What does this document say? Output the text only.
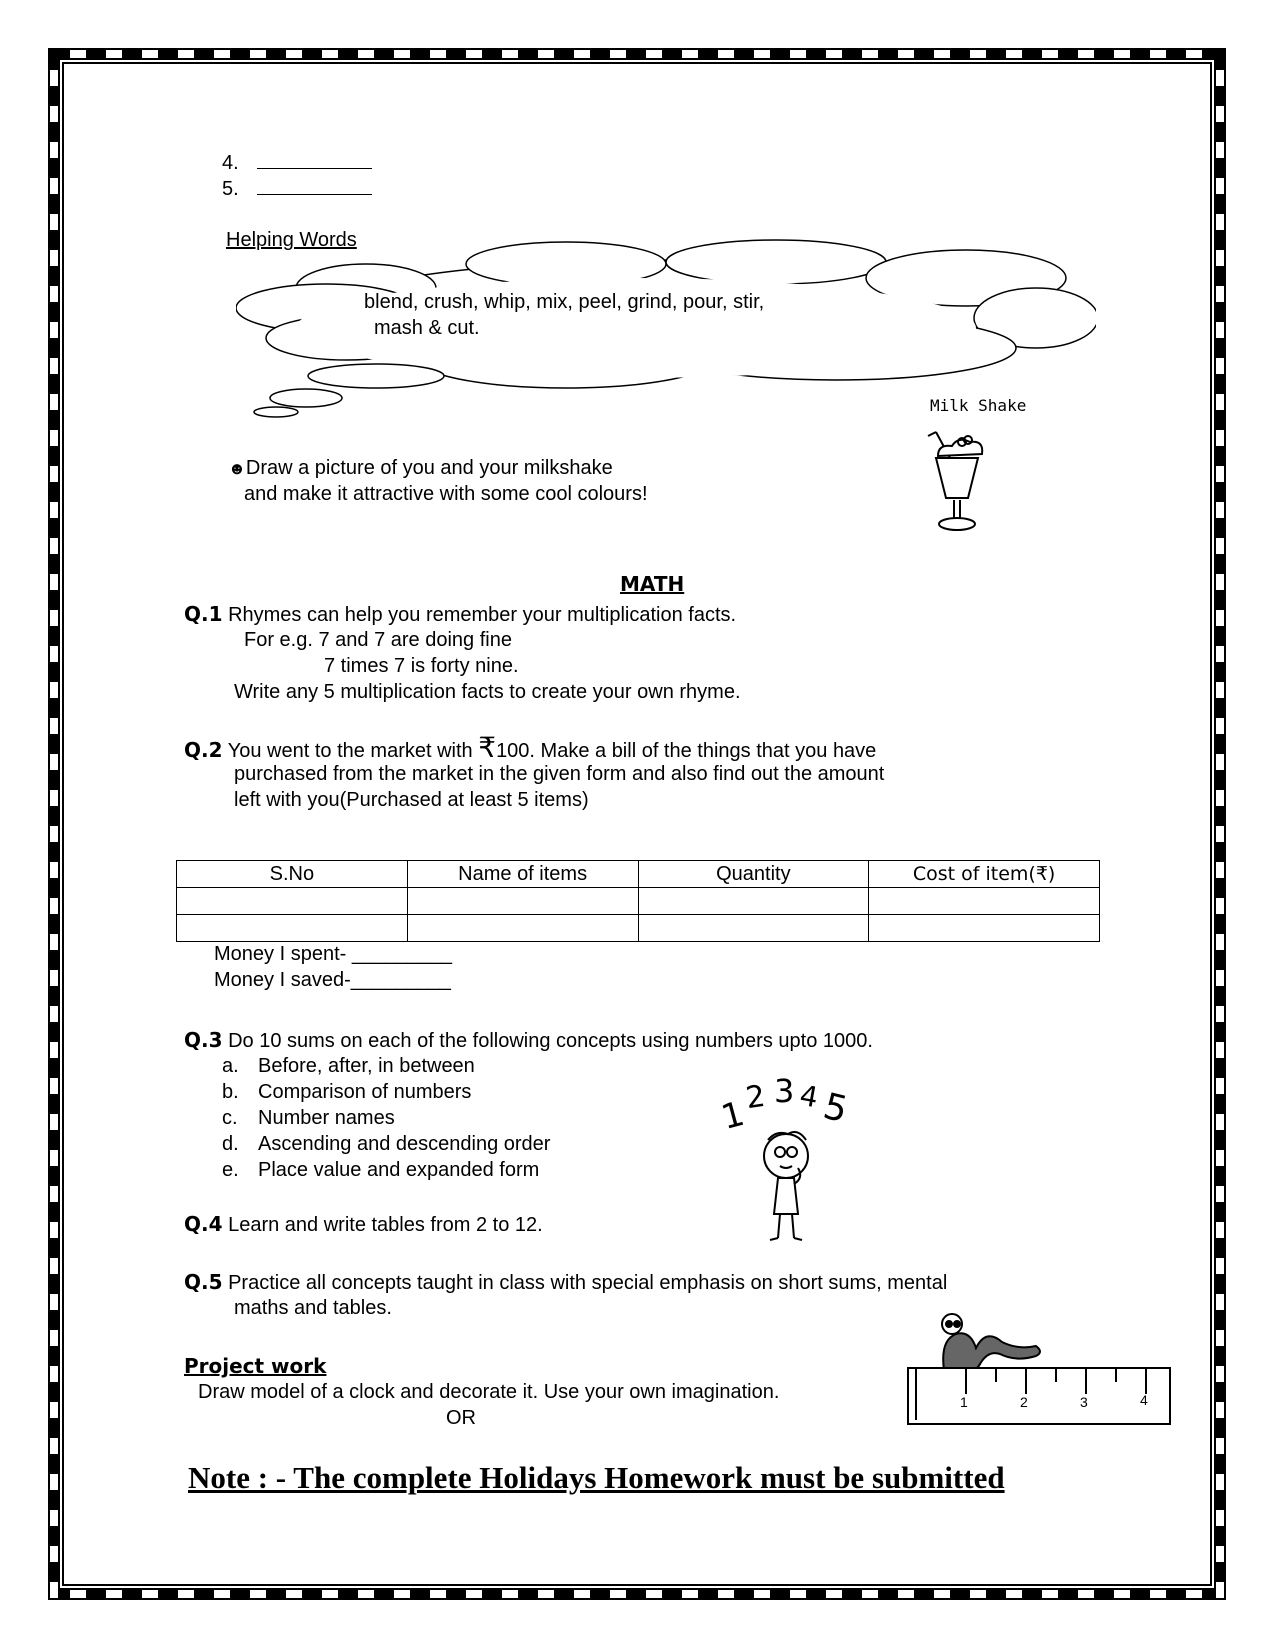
4.
5.
Helping Words
blend, crush, whip, mix, peel, grind, pour, stir,
mash & cut.
Milk Shake
☻Draw a picture of you and your milkshake
and make it attractive with some cool colours!
MATH
Q.1 Rhymes can help you remember your multiplication facts.
For e.g. 7 and 7 are doing fine
7 times 7 is forty nine.
Write any 5 multiplication facts to create your own rhyme.
Q.2 You went to the market with ₹100. Make a bill of the things that you have
purchased from the market in the given form and also find out the amount
left with you(Purchased at least 5 items)
S.No	Name of items	Quantity	Cost of item(₹)

Money I spent- _________
Money I saved-_________
Q.3 Do 10 sums on each of the following concepts using numbers upto 1000.
a. Before, after, in between
b. Comparison of numbers
c. Number names
d. Ascending and descending order
e. Place value and expanded form
1
2 3 4
5
Q.4 Learn and write tables from 2 to 12.
Q.5 Practice all concepts taught in class with special emphasis on short sums, mental
maths and tables.
Project work
Draw model of a clock and decorate it. Use your own imagination.
OR
1	2	3	4
Note : - The complete Holidays Homework must be submitted
